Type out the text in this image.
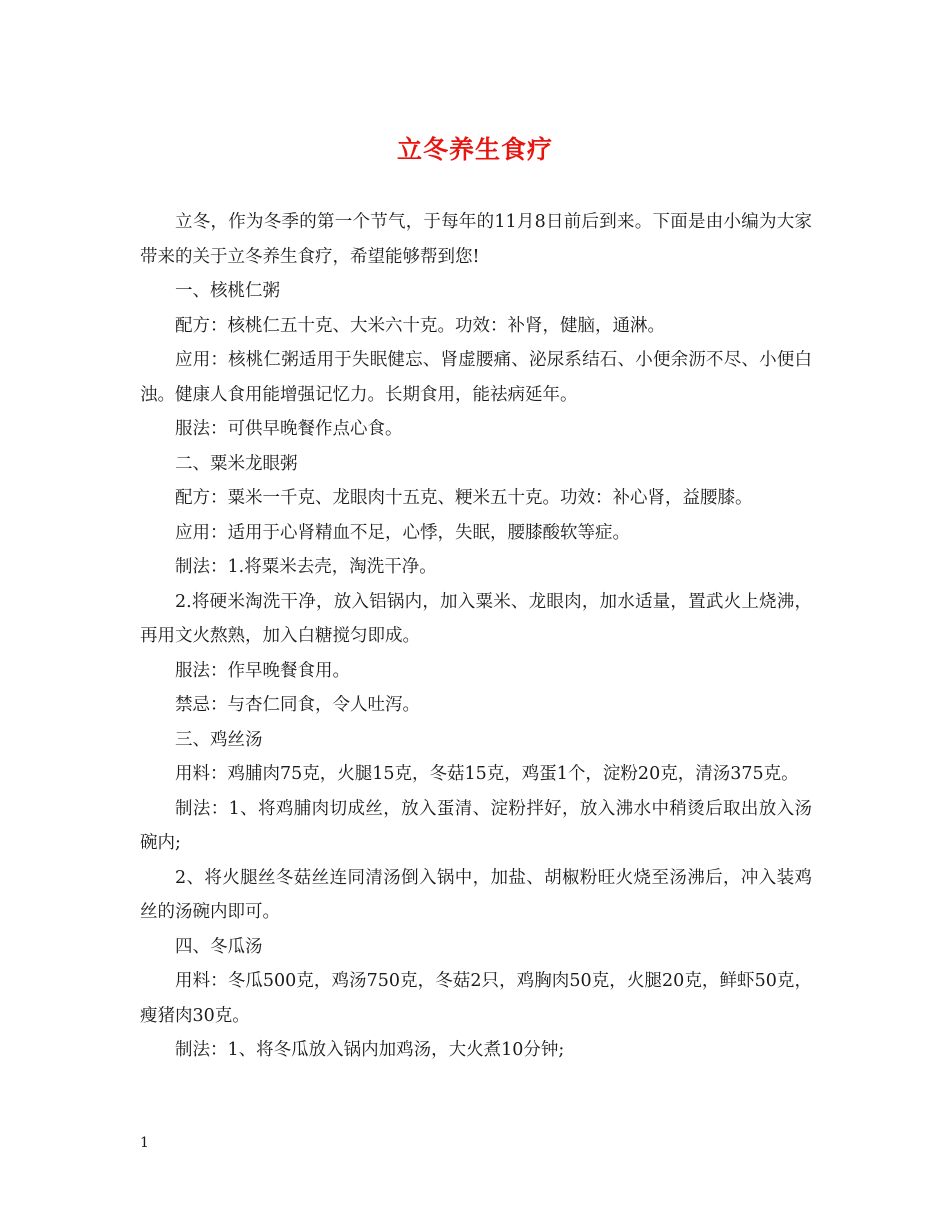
立冬养生食疗

立冬，作为冬季的第一个节气，于每年的11月8日前后到来。下面是由小编为大家带来的关于立冬养生食疗，希望能够帮到您!

一、核桃仁粥

配方：核桃仁五十克、大米六十克。功效：补肾，健脑，通淋。

应用：核桃仁粥适用于失眠健忘、肾虚腰痛、泌尿系结石、小便余沥不尽、小便白浊。健康人食用能增强记忆力。长期食用，能祛病延年。

服法：可供早晚餐作点心食。

二、粟米龙眼粥

配方：粟米一千克、龙眼肉十五克、粳米五十克。功效：补心肾，益腰膝。

应用：适用于心肾精血不足，心悸，失眠，腰膝酸软等症。

制法：1.将粟米去壳，淘洗干净。

2.将硬米淘洗干净，放入铝锅内，加入粟米、龙眼肉，加水适量，置武火上烧沸，再用文火熬熟，加入白糖搅匀即成。

服法：作早晚餐食用。

禁忌：与杏仁同食，令人吐泻。

三、鸡丝汤

用料：鸡脯肉75克，火腿15克，冬菇15克，鸡蛋1个，淀粉20克，清汤375克。

制法：1、将鸡脯肉切成丝，放入蛋清、淀粉拌好，放入沸水中稍烫后取出放入汤碗内;

2、将火腿丝冬菇丝连同清汤倒入锅中，加盐、胡椒粉旺火烧至汤沸后，冲入装鸡丝的汤碗内即可。

四、冬瓜汤

用料：冬瓜500克，鸡汤750克，冬菇2只，鸡胸肉50克，火腿20克，鲜虾50克，瘦猪肉30克。

制法：1、将冬瓜放入锅内加鸡汤，大火煮10分钟;

1
